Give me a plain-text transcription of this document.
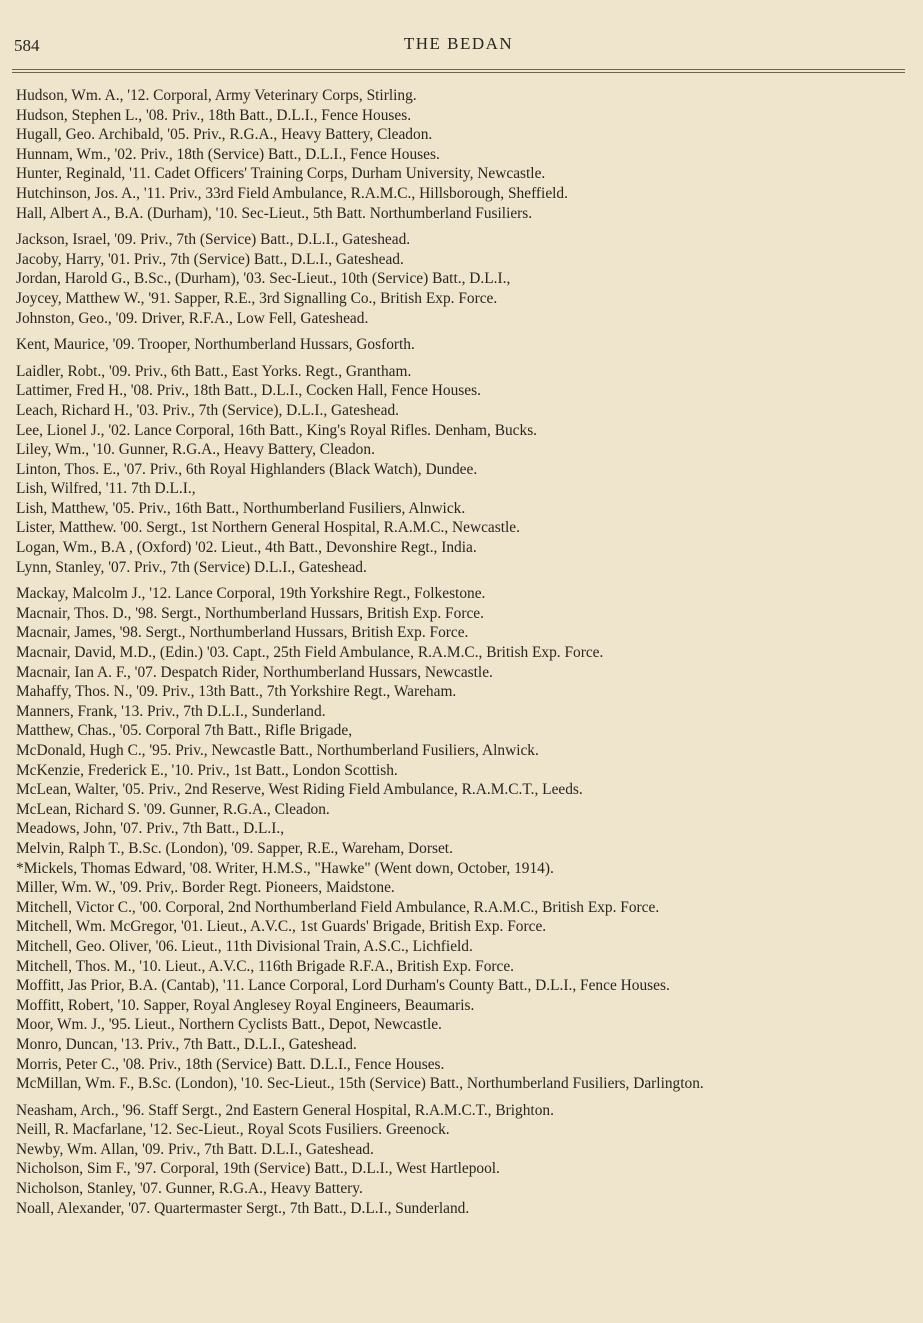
584	THE BEDAN
Hudson, Wm. A., '12. Corporal, Army Veterinary Corps, Stirling.
Hudson, Stephen L., '08. Priv., 18th Batt., D.L.I., Fence Houses.
Hugall, Geo. Archibald, '05. Priv., R.G.A., Heavy Battery, Cleadon.
Hunnam, Wm., '02. Priv., 18th (Service) Batt., D.L.I., Fence Houses.
Hunter, Reginald, '11. Cadet Officers' Training Corps, Durham University, Newcastle.
Hutchinson, Jos. A., '11. Priv., 33rd Field Ambulance, R.A.M.C., Hillsborough, Sheffield.
Hall, Albert A., B.A. (Durham), '10. Sec-Lieut., 5th Batt. Northumberland Fusiliers.
Jackson, Israel, '09. Priv., 7th (Service) Batt., D.L.I., Gateshead.
Jacoby, Harry, '01. Priv., 7th (Service) Batt., D.L.I., Gateshead.
Jordan, Harold G., B.Sc., (Durham), '03. Sec-Lieut., 10th (Service) Batt., D.L.I.,
Joycey, Matthew W., '91. Sapper, R.E., 3rd Signalling Co., British Exp. Force.
Johnston, Geo., '09. Driver, R.F.A., Low Fell, Gateshead.
Kent, Maurice, '09. Trooper, Northumberland Hussars, Gosforth.
Laidler, Robt., '09. Priv., 6th Batt., East Yorks. Regt., Grantham.
Lattimer, Fred H., '08. Priv., 18th Batt., D.L.I., Cocken Hall, Fence Houses.
Leach, Richard H., '03. Priv., 7th (Service), D.L.I., Gateshead.
Lee, Lionel J., '02. Lance Corporal, 16th Batt., King's Royal Rifles. Denham, Bucks.
Liley, Wm., '10. Gunner, R.G.A., Heavy Battery, Cleadon.
Linton, Thos. E., '07. Priv., 6th Royal Highlanders (Black Watch), Dundee.
Lish, Wilfred, '11. 7th D.L.I.,
Lish, Matthew, '05. Priv., 16th Batt., Northumberland Fusiliers, Alnwick.
Lister, Matthew. '00. Sergt., 1st Northern General Hospital, R.A.M.C., Newcastle.
Logan, Wm., B.A , (Oxford) '02. Lieut., 4th Batt., Devonshire Regt., India.
Lynn, Stanley, '07. Priv., 7th (Service) D.L.I., Gateshead.
Mackay, Malcolm J., '12. Lance Corporal, 19th Yorkshire Regt., Folkestone.
Macnair, Thos. D., '98. Sergt., Northumberland Hussars, British Exp. Force.
Macnair, James, '98. Sergt., Northumberland Hussars, British Exp. Force.
Macnair, David, M.D., (Edin.) '03. Capt., 25th Field Ambulance, R.A.M.C., British Exp. Force.
Macnair, Ian A. F., '07. Despatch Rider, Northumberland Hussars, Newcastle.
Mahaffy, Thos. N., '09. Priv., 13th Batt., 7th Yorkshire Regt., Wareham.
Manners, Frank, '13. Priv., 7th D.L.I., Sunderland.
Matthew, Chas., '05. Corporal 7th Batt., Rifle Brigade,
McDonald, Hugh C., '95. Priv., Newcastle Batt., Northumberland Fusiliers, Alnwick.
McKenzie, Frederick E., '10. Priv., 1st Batt., London Scottish.
McLean, Walter, '05. Priv., 2nd Reserve, West Riding Field Ambulance, R.A.M.C.T., Leeds.
McLean, Richard S. '09. Gunner, R.G.A., Cleadon.
Meadows, John, '07. Priv., 7th Batt., D.L.I.,
Melvin, Ralph T., B.Sc. (London), '09. Sapper, R.E., Wareham, Dorset.
*Mickels, Thomas Edward, '08. Writer, H.M.S., "Hawke" (Went down, October, 1914).
Miller, Wm. W., '09. Priv,. Border Regt. Pioneers, Maidstone.
Mitchell, Victor C., '00. Corporal, 2nd Northumberland Field Ambulance, R.A.M.C., British Exp. Force.
Mitchell, Wm. McGregor, '01. Lieut., A.V.C., 1st Guards' Brigade, British Exp. Force.
Mitchell, Geo. Oliver, '06. Lieut., 11th Divisional Train, A.S.C., Lichfield.
Mitchell, Thos. M., '10. Lieut., A.V.C., 116th Brigade R.F.A., British Exp. Force.
Moffitt, Jas Prior, B.A. (Cantab), '11. Lance Corporal, Lord Durham's County Batt., D.L.I., Fence Houses.
Moffitt, Robert, '10. Sapper, Royal Anglesey Royal Engineers, Beaumaris.
Moor, Wm. J., '95. Lieut., Northern Cyclists Batt., Depot, Newcastle.
Monro, Duncan, '13. Priv., 7th Batt., D.L.I., Gateshead.
Morris, Peter C., '08. Priv., 18th (Service) Batt. D.L.I., Fence Houses.
McMillan, Wm. F., B.Sc. (London), '10. Sec-Lieut., 15th (Service) Batt., Northumberland Fusiliers, Darlington.
Neasham, Arch., '96. Staff Sergt., 2nd Eastern General Hospital, R.A.M.C.T., Brighton.
Neill, R. Macfarlane, '12. Sec-Lieut., Royal Scots Fusiliers. Greenock.
Newby, Wm. Allan, '09. Priv., 7th Batt. D.L.I., Gateshead.
Nicholson, Sim F., '97. Corporal, 19th (Service) Batt., D.L.I., West Hartlepool.
Nicholson, Stanley, '07. Gunner, R.G.A., Heavy Battery.
Noall, Alexander, '07. Quartermaster Sergt., 7th Batt., D.L.I., Sunderland.
